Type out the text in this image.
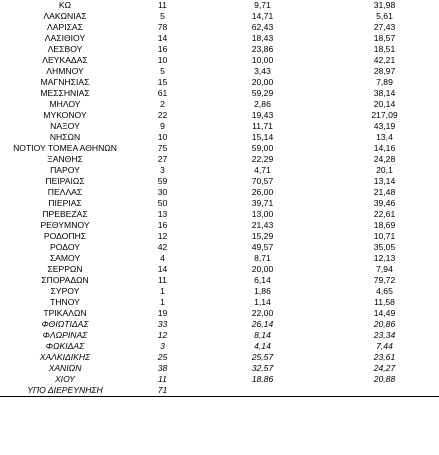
ΚΩ	11	9,71	31,98
ΛΑΚΩΝΙΑΣ	5	14,71	5,61
ΛΑΡΙΣΑΣ	78	62,43	27,43
ΛΑΣΙΘΙΟΥ	14	18,43	18,57
ΛΕΣΒΟΥ	16	23,86	18,51
ΛΕΥΚΑΔΑΣ	10	10,00	42,21
ΛΗΜΝΟΥ	5	3,43	28,97
ΜΑΓΝΗΣΙΑΣ	15	20,00	7,89
ΜΕΣΣΗΝΙΑΣ	61	59,29	38,14
ΜΗΛΟΥ	2	2,86	20,14
ΜΥΚΟΝΟΥ	22	19,43	217,09
ΝΑΞΟΥ	9	11,71	43,19
ΝΗΣΩΝ	10	15,14	13,4
ΝΟΤΙΟΥ ΤΟΜΕΑ ΑΘΗΝΩΝ	75	59,00	14,16
ΞΑΝΘΗΣ	27	22,29	24,28
ΠΑΡΟΥ	3	4,71	20,1
ΠΕΙΡΑΙΩΣ	59	70,57	13,14
ΠΕΛΛΑΣ	30	26,00	21,48
ΠΙΕΡΙΑΣ	50	39,71	39,46
ΠΡΕΒΕΖΑΣ	13	13,00	22,61
ΡΕΘΥΜΝΟΥ	16	21,43	18,69
ΡΟΔΟΠΗΣ	12	15,29	10,71
ΡΟΔΟΥ	42	49,57	35,05
ΣΑΜΟΥ	4	8,71	12,13
ΣΕΡΡΩΝ	14	20,00	7,94
ΣΠΟΡΑΔΩΝ	11	6,14	79,72
ΣΥΡΟΥ	1	1,86	4,65
ΤΗΝΟΥ	1	1,14	11,58
ΤΡΙΚΑΛΩΝ	19	22,00	14,49
ΦΘΙΩΤΙΔΑΣ	33	26,14	20,86
ΦΛΩΡΙΝΑΣ	12	8,14	23,34
ΦΩΚΙΔΑΣ	3	4,14	7,44
ΧΑΛΚΙΔΙΚΗΣ	25	25,57	23,61
ΧΑΝΙΩΝ	38	32,57	24,27
ΧΙΟΥ	11	18,86	20,88
ΥΠΟ ΔΙΕΡΕΥΝΗΣΗ	71		
